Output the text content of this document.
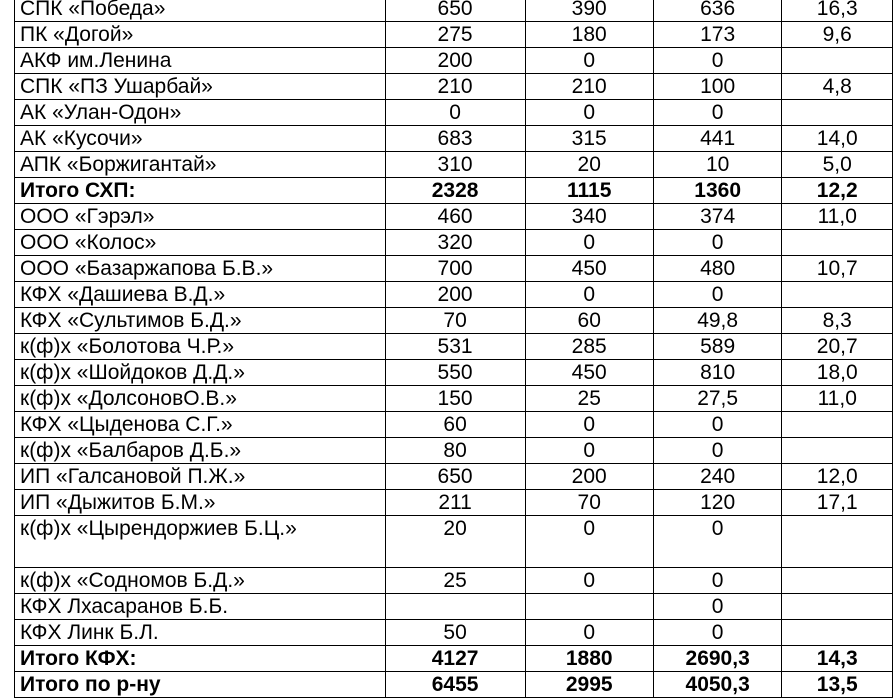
СПК «Победа»	650	390	636	16,3
ПК «Догой»	275	180	173	9,6
АКФ им.Ленина	200	0	0	
СПК «ПЗ Ушарбай»	210	210	100	4,8
АК «Улан-Одон»	0	0	0	
АК «Кусочи»	683	315	441	14,0
АПК «Боржигантай»	310	20	10	5,0
Итого СХП:	2328	1115	1360	12,2
ООО «Гэрэл»	460	340	374	11,0
ООО «Колос»	320	0	0	
ООО «Базаржапова Б.В.»	700	450	480	10,7
КФХ «Дашиева В.Д.»	200	0	0	
КФХ «Сультимов Б.Д.»	70	60	49,8	8,3
к(ф)х «Болотова Ч.Р.»	531	285	589	20,7
к(ф)х «Шойдоков Д.Д.»	550	450	810	18,0
к(ф)х «ДолсоновО.В.»	150	25	27,5	11,0
КФХ «Цыденова С.Г.»	60	0	0	
к(ф)х «Балбаров Д.Б.»	80	0	0	
ИП «Галсановой П.Ж.»	650	200	240	12,0
ИП «Дыжитов Б.М.»	211	70	120	17,1
к(ф)х «Цырендоржиев Б.Ц.»	20	0	0	
к(ф)х «Содномов Б.Д.»	25	0	0	
КФХ Лхасаранов Б.Б.			0	
КФХ Линк Б.Л.	50	0	0	
Итого КФХ:	4127	1880	2690,3	14,3
Итого по р-ну	6455	2995	4050,3	13,5
